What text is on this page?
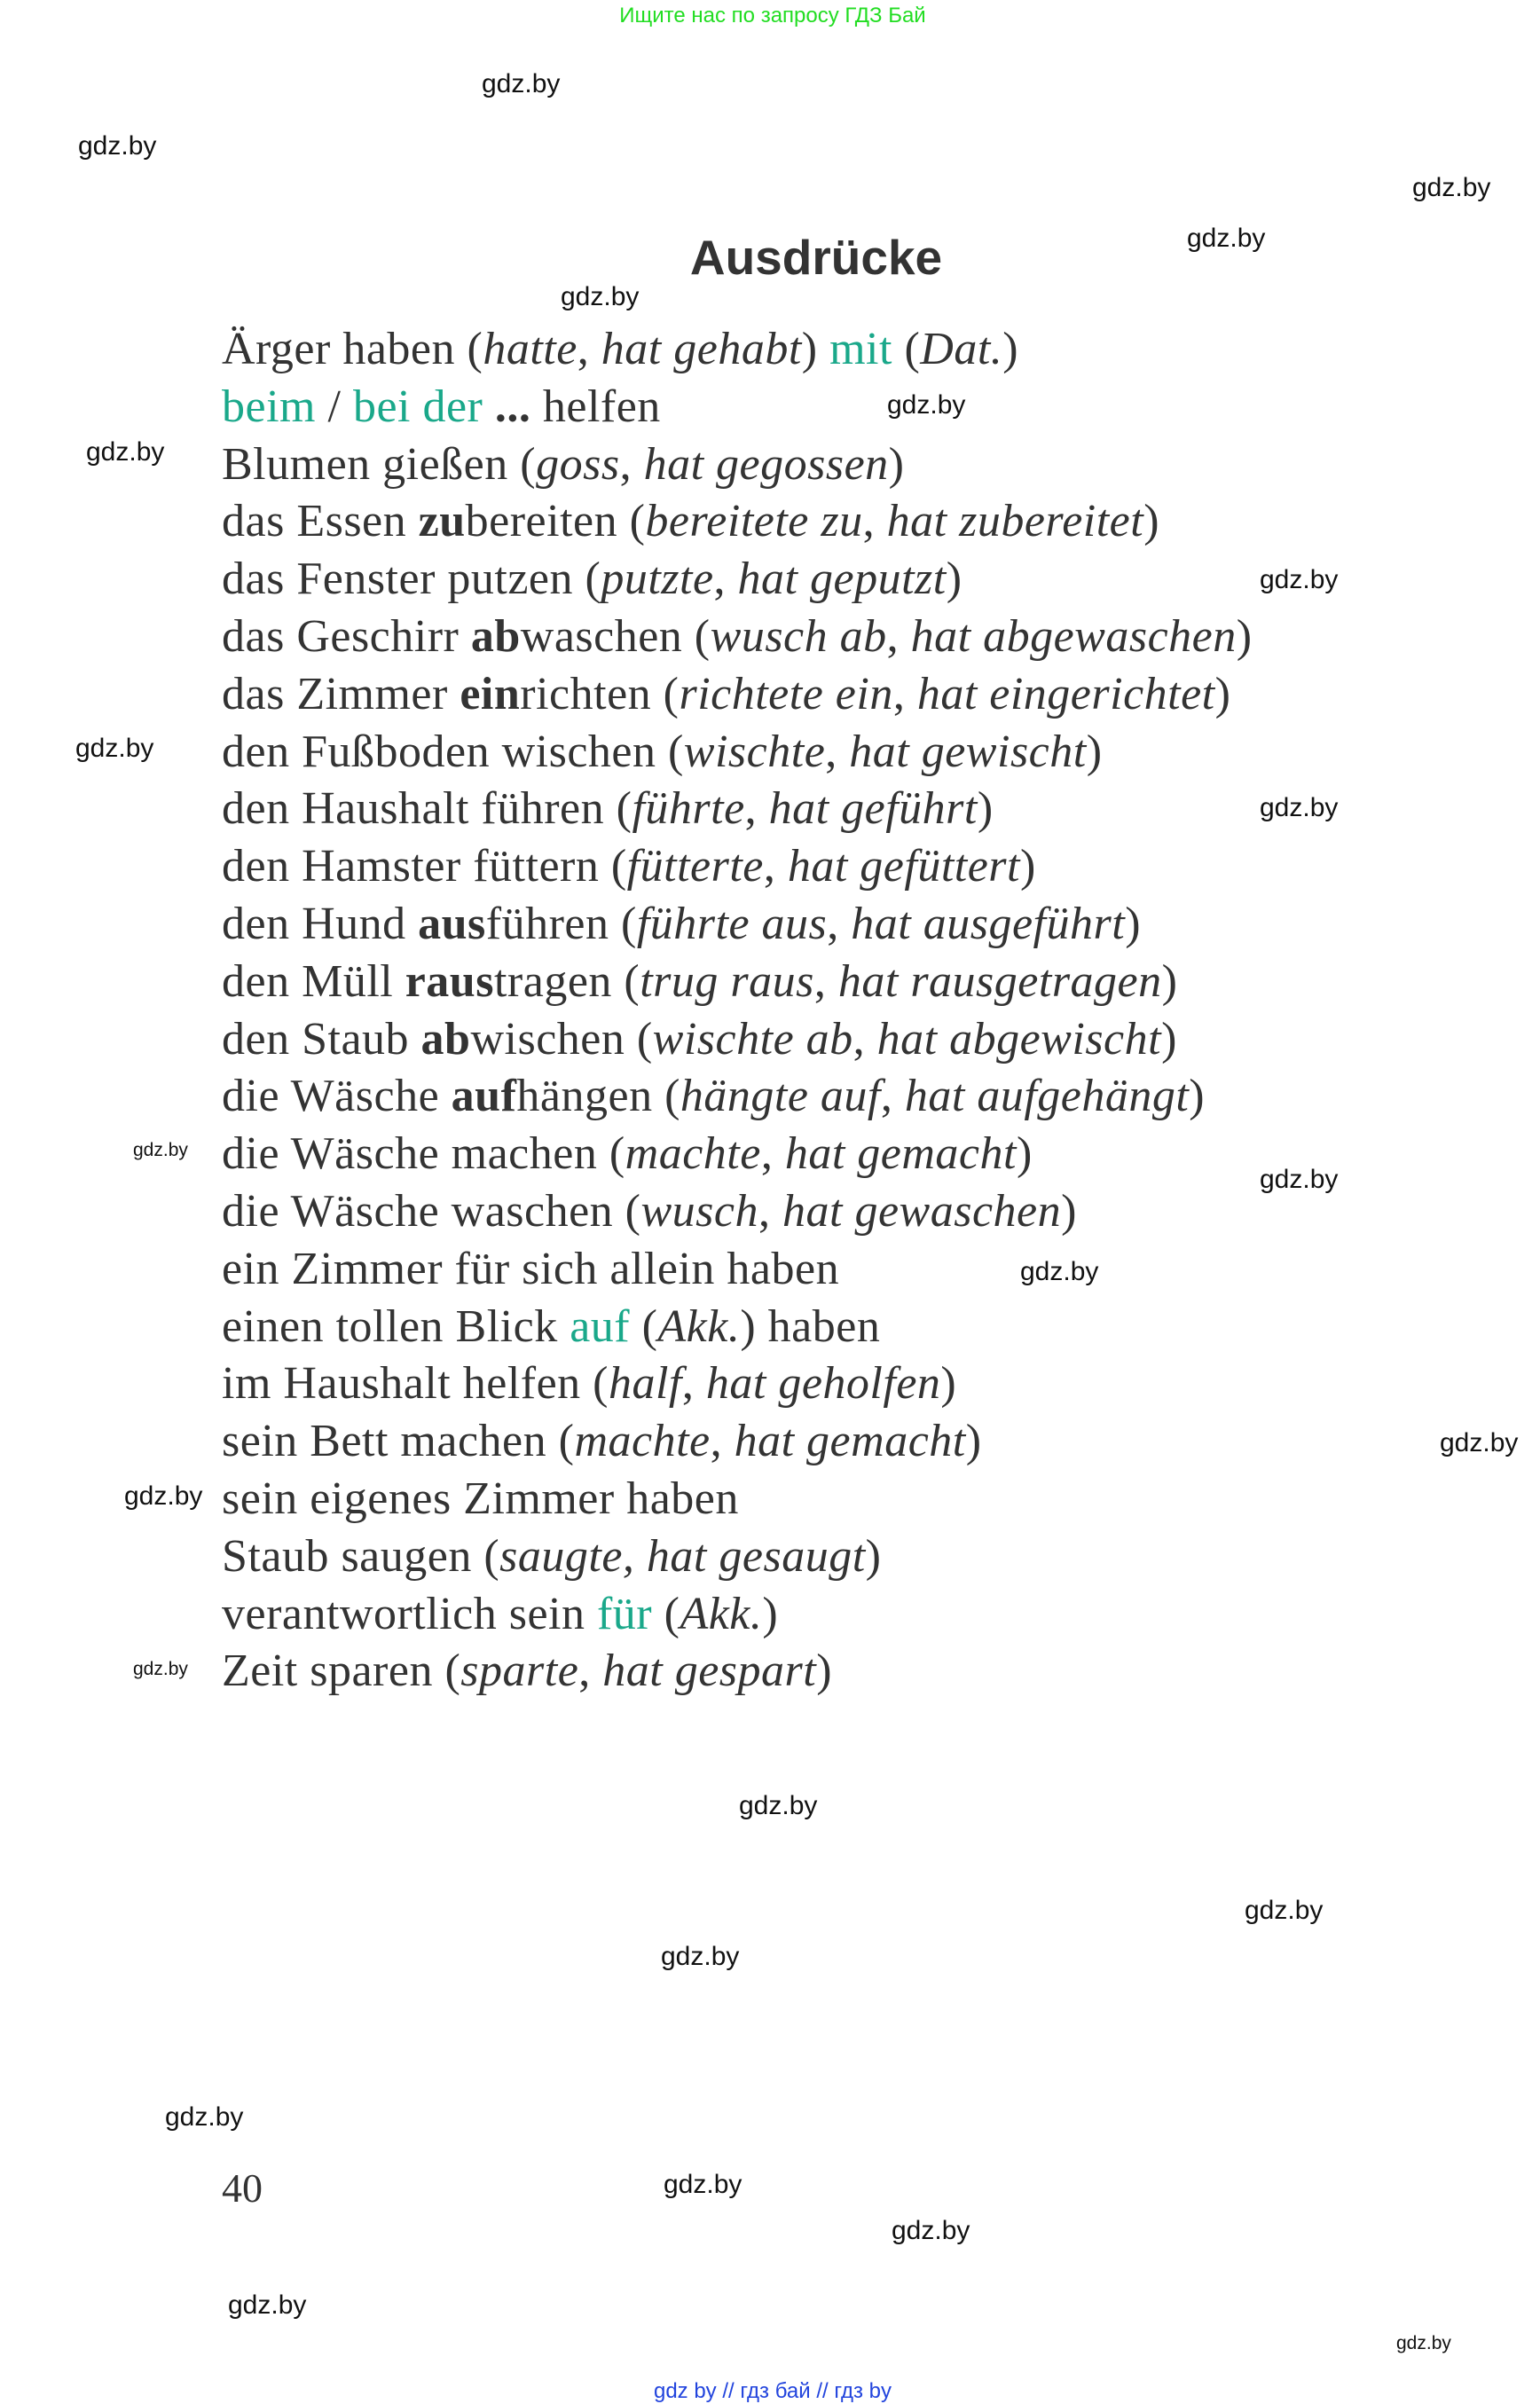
Ищите нас по запросу ГДЗ Бай
Ausdrücke
Ärger haben (hatte, hat gehabt) mit (Dat.)
beim / bei der ... helfen
Blumen gießen (goss, hat gegossen)
das Essen zubereiten (bereitete zu, hat zubereitet)
das Fenster putzen (putzte, hat geputzt)
das Geschirr abwaschen (wusch ab, hat abgewaschen)
das Zimmer einrichten (richtete ein, hat eingerichtet)
den Fußboden wischen (wischte, hat gewischt)
den Haushalt führen (führte, hat geführt)
den Hamster füttern (fütterte, hat gefüttert)
den Hund ausführen (führte aus, hat ausgeführt)
den Müll raustragen (trug raus, hat rausgetragen)
den Staub abwischen (wischte ab, hat abgewischt)
die Wäsche aufhängen (hängte auf, hat aufgehängt)
die Wäsche machen (machte, hat gemacht)
die Wäsche waschen (wusch, hat gewaschen)
ein Zimmer für sich allein haben
einen tollen Blick auf (Akk.) haben
im Haushalt helfen (half, hat geholfen)
sein Bett machen (machte, hat gemacht)
sein eigenes Zimmer haben
Staub saugen (saugte, hat gesaugt)
verantwortlich sein für (Akk.)
Zeit sparen (sparte, hat gespart)
40
gdz by // гдз бай // гдз by
gdz.by
gdz.by
gdz.by
gdz.by
gdz.by
gdz.by
gdz.by
gdz.by
gdz.by
gdz.by
gdz.by
gdz.by
gdz.by
gdz.by
gdz.by
gdz.by
gdz.by
gdz.by
gdz.by
gdz.by
gdz.by
gdz.by
gdz.by
gdz.by
